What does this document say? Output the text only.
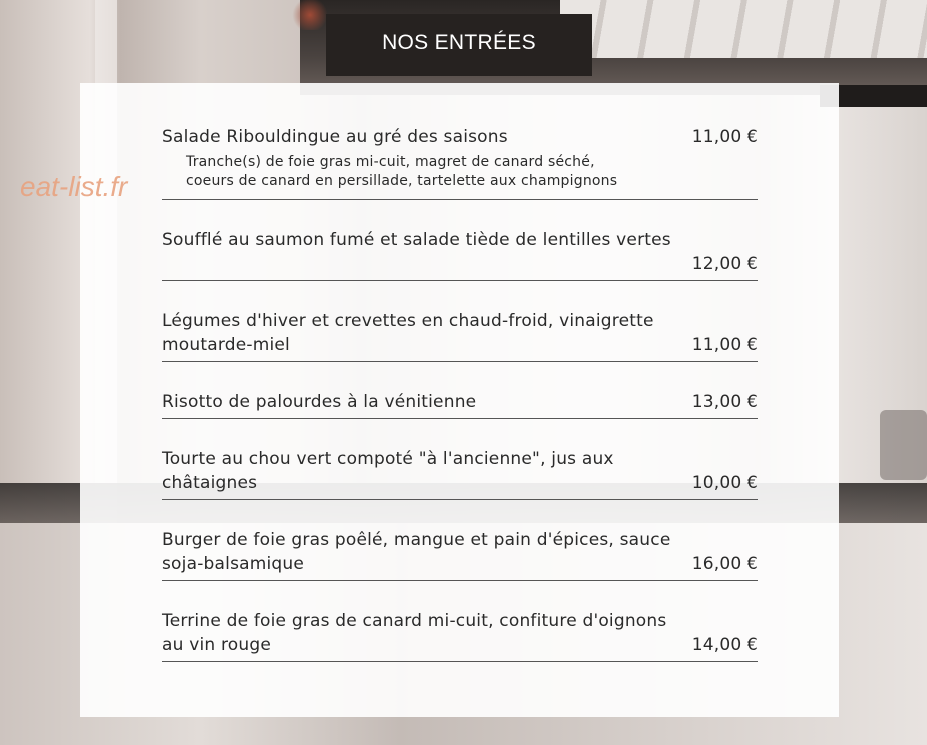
NOS ENTRÉES
Salade Ribouldingue au gré des saisons	11,00 €
Tranche(s) de foie gras mi-cuit, magret de canard séché,
coeurs de canard en persillade, tartelette aux champignons
Soufflé au saumon fumé et salade tiède de lentilles vertes
12,00 €
Légumes d'hiver et crevettes en chaud-froid, vinaigrette
moutarde-miel	11,00 €
Risotto de palourdes à la vénitienne	13,00 €
Tourte au chou vert compoté "à l'ancienne", jus aux
châtaignes	10,00 €
Burger de foie gras poêlé, mangue et pain d'épices, sauce
soja-balsamique	16,00 €
Terrine de foie gras de canard mi-cuit, confiture d'oignons
au vin rouge	14,00 €
eat-list.fr
